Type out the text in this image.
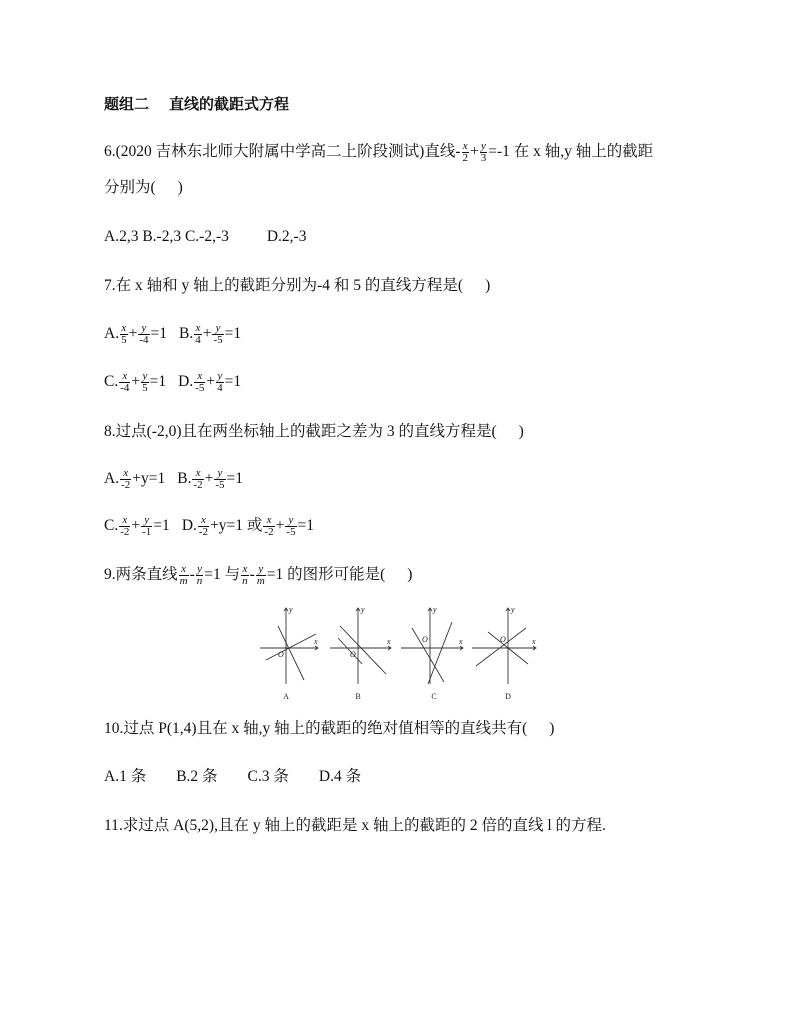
题组二 直线的截距式方程
6.(2020 吉林东北师大附属中学高二上阶段测试)直线- $\frac{x}{2} + \frac{y}{3} =-1$ 在 x 轴,y 轴上的截距
分别为( )
A.2,3 B.-2,3 C.-2,-3 D.2,-3
7.在 x 轴和 y 轴上的截距分别为-4 和 5 的直线方程是( )
A. $\frac{x}{5} + \frac{y}{-4} =1$ B. $\frac{x}{4} + \frac{y}{-5} =1$
C. $\frac{x}{-4} + \frac{y}{5} =1$ D. $\frac{x}{-5} + \frac{y}{4} =1$
8.过点(-2,0)且在两坐标轴上的截距之差为 3 的直线方程是( )
A. $\frac{x}{-2} +y=1$ B. $\frac{x}{-2} + \frac{y}{-5} =1$
C. $\frac{x}{-2} + \frac{y}{-1} =1$ D. $\frac{x}{-2} +y=1$ 或 $\frac{x}{-2} + \frac{y}{-5} =1$
9.两条直线 $\frac{x}{m} - \frac{y}{n} =1$ 与 $\frac{x}{n} - \frac{y}{m} =1$ 的图形可能是( )
y
x
O
y
x
O
y
x
O
y
x
O
A	B	C	D
10.过点 P(1,4)且在 x 轴,y 轴上的截距的绝对值相等的直线共有( )
A.1 条 B.2 条 C.3 条 D.4 条
11.求过点 A(5,2),且在 y 轴上的截距是 x 轴上的截距的 2 倍的直线 l 的方程.
